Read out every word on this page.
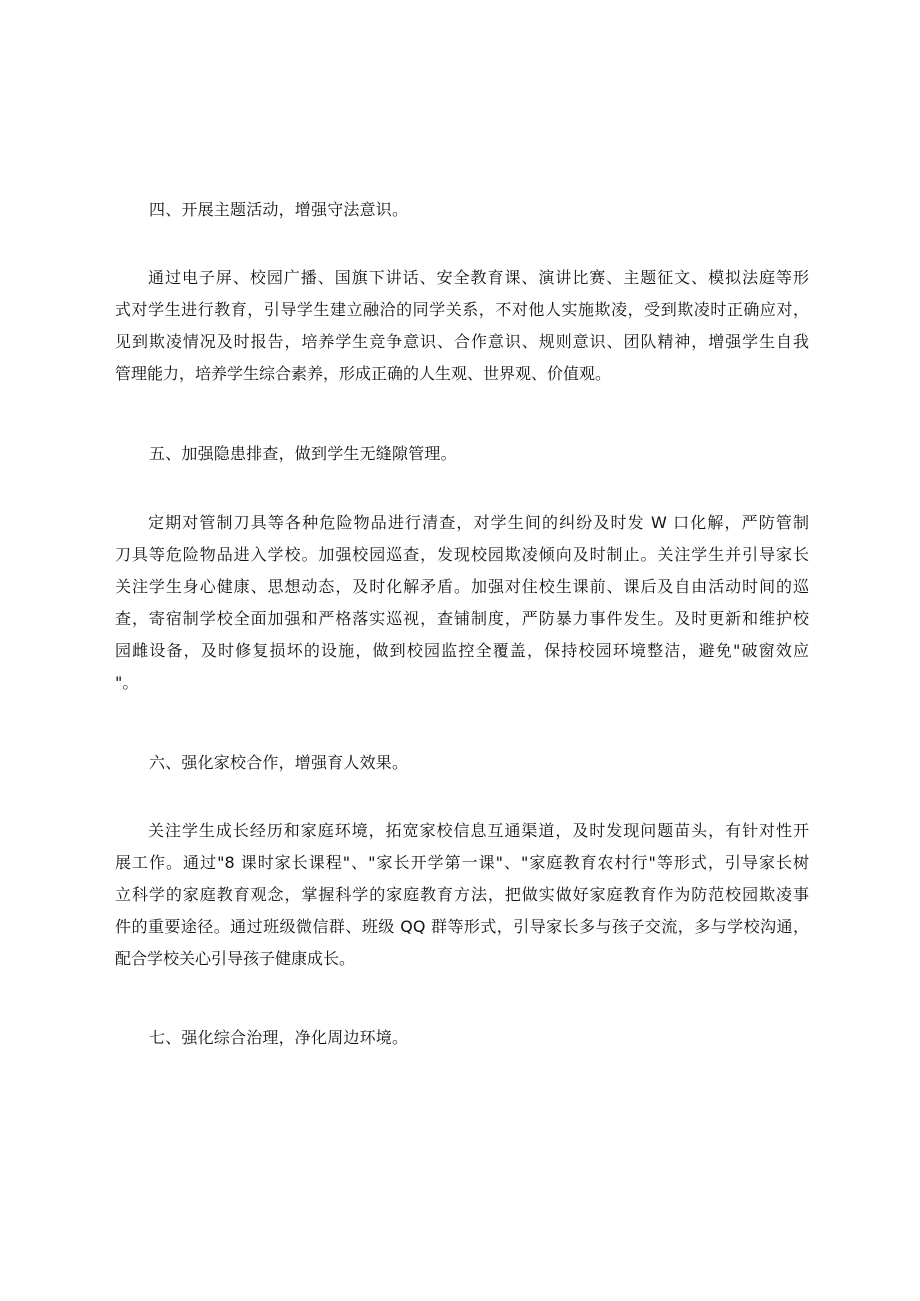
四、开展主题活动，增强守法意识。
通过电子屏、校园广播、国旗下讲话、安全教育课、演讲比赛、主题征文、模拟法庭等形
式对学生进行教育，引导学生建立融洽的同学关系，不对他人实施欺凌，受到欺凌时正确应对，
见到欺凌情况及时报告，培养学生竞争意识、合作意识、规则意识、团队精神，增强学生自我
管理能力，培养学生综合素养，形成正确的人生观、世界观、价值观。
五、加强隐患排查，做到学生无缝隙管理。
定期对管制刀具等各种危险物品进行清查，对学生间的纠纷及时发 W 口化解，严防管制
刀具等危险物品进入学校。加强校园巡查，发现校园欺凌倾向及时制止。关注学生并引导家长
关注学生身心健康、思想动态，及时化解矛盾。加强对住校生课前、课后及自由活动时间的巡
查，寄宿制学校全面加强和严格落实巡视，查铺制度，严防暴力事件发生。及时更新和维护校
园雌设备，及时修复损坏的设施，做到校园监控全覆盖，保持校园环境整洁，避免"破窗效应
"。
六、强化家校合作，增强育人效果。
关注学生成长经历和家庭环境，拓宽家校信息互通渠道，及时发现问题苗头，有针对性开
展工作。通过"8 课时家长课程"、"家长开学第一课"、"家庭教育农村行"等形式，引导家长树
立科学的家庭教育观念，掌握科学的家庭教育方法，把做实做好家庭教育作为防范校园欺凌事
件的重要途径。通过班级微信群、班级 QQ 群等形式，引导家长多与孩子交流，多与学校沟通，
配合学校关心引导孩子健康成长。
七、强化综合治理，净化周边环境。
